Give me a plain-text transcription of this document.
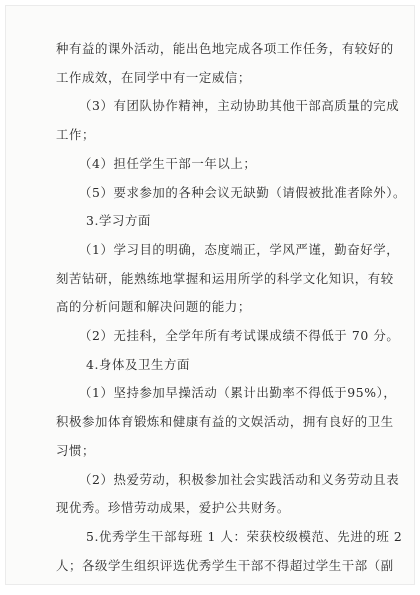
种有益的课外活动，能出色地完成各项工作任务，有较好的
工作成效，在同学中有一定威信；
（3）有团队协作精神，主动协助其他干部高质量的完成
工作；
（4）担任学生干部一年以上；
（5）要求参加的各种会议无缺勤（请假被批准者除外）。
3.学习方面
（1）学习目的明确，态度端正，学风严谨，勤奋好学，
刻苦钻研，能熟练地掌握和运用所学的科学文化知识，有较
高的分析问题和解决问题的能力；
（2）无挂科，全学年所有考试课成绩不得低于 70 分。
4.身体及卫生方面
（1）坚持参加早操活动（累计出勤率不得低于95%），
积极参加体育锻炼和健康有益的文娱活动，拥有良好的卫生
习惯；
（2）热爱劳动，积极参加社会实践活动和义务劳动且表
现优秀。珍惜劳动成果，爱护公共财务。
5.优秀学生干部每班 1 人：荣获校级模范、先进的班 2
人；各级学生组织评选优秀学生干部不得超过学生干部（副
